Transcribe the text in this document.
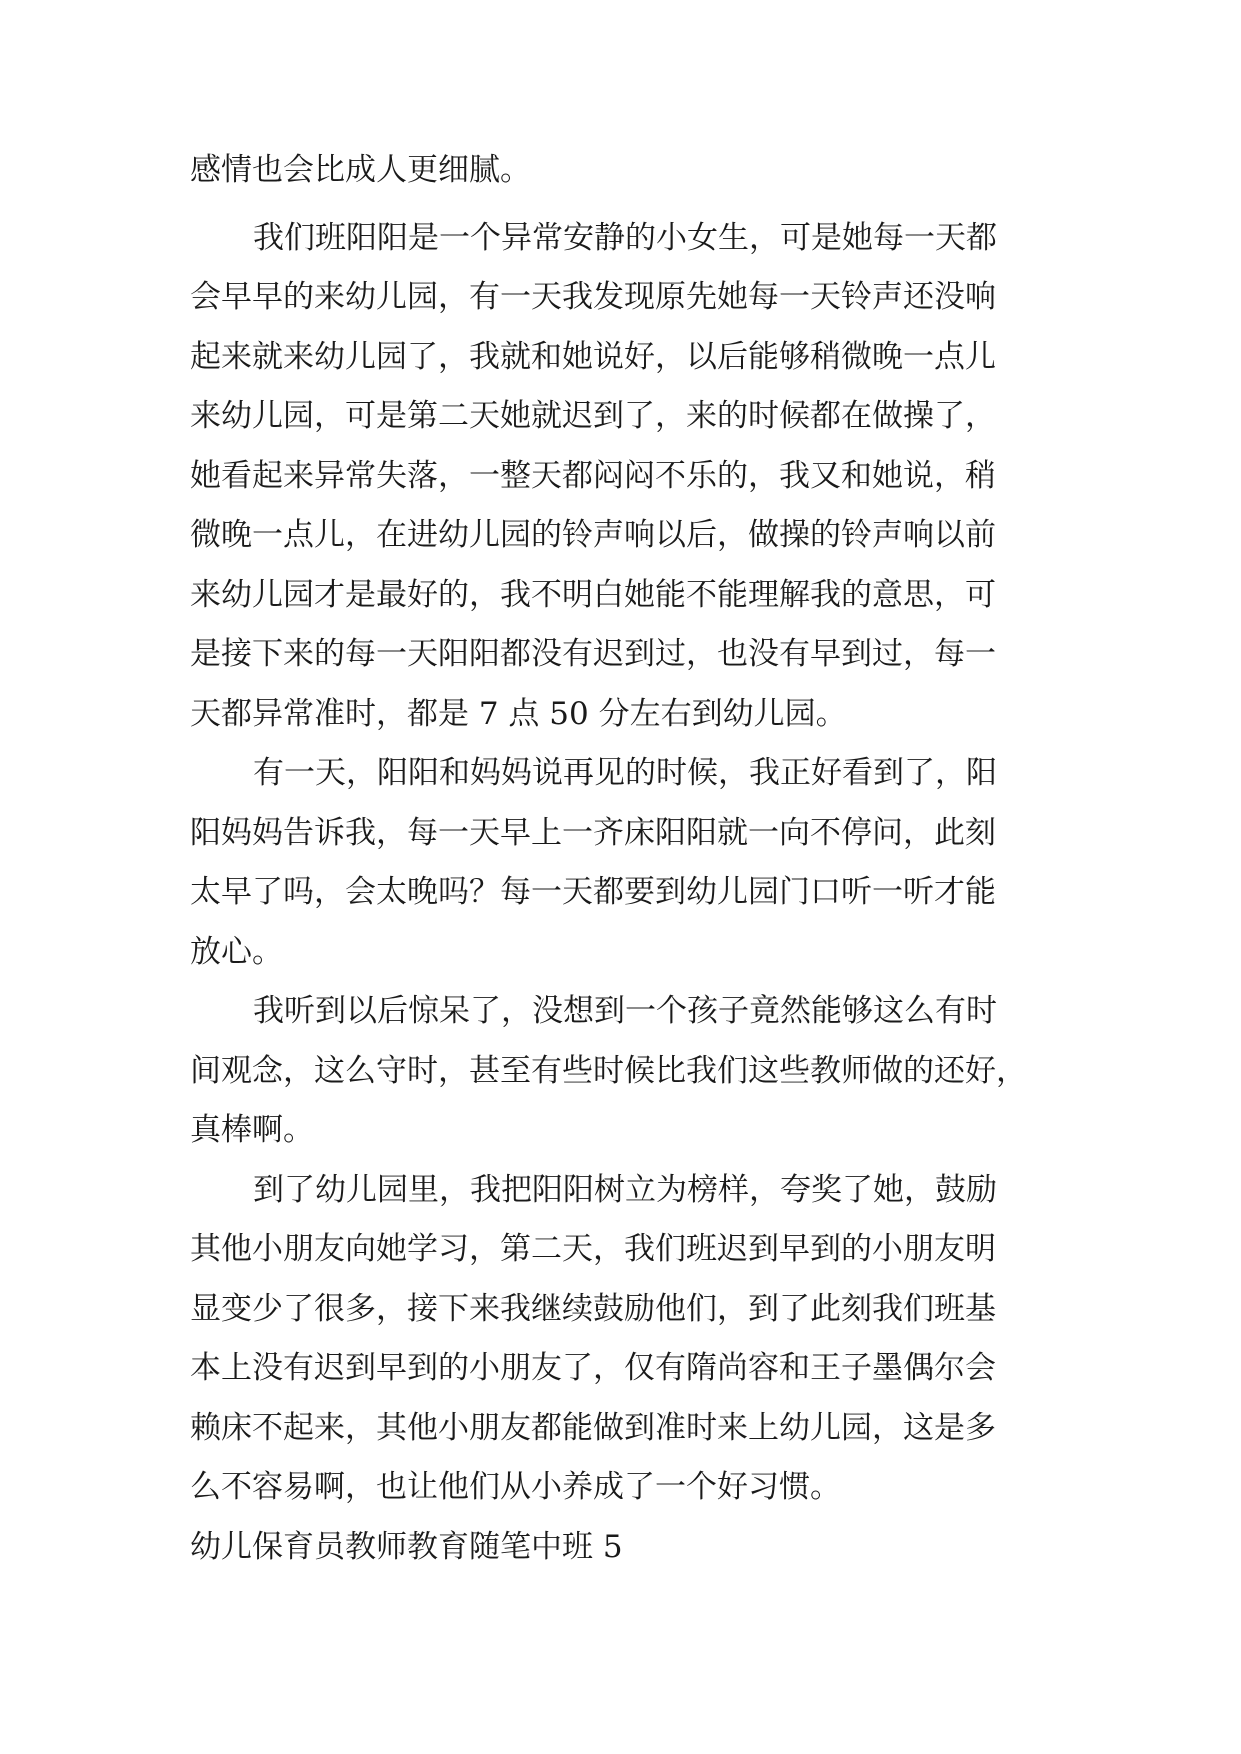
感情也会比成人更细腻。
我们班阳阳是一个异常安静的小女生，可是她每一天都
会早早的来幼儿园，有一天我发现原先她每一天铃声还没响
起来就来幼儿园了，我就和她说好，以后能够稍微晚一点儿
来幼儿园，可是第二天她就迟到了，来的时候都在做操了，
她看起来异常失落，一整天都闷闷不乐的，我又和她说，稍
微晚一点儿，在进幼儿园的铃声响以后，做操的铃声响以前
来幼儿园才是最好的，我不明白她能不能理解我的意思，可
是接下来的每一天阳阳都没有迟到过，也没有早到过，每一
天都异常准时，都是 7 点 50 分左右到幼儿园。
有一天，阳阳和妈妈说再见的时候，我正好看到了，阳
阳妈妈告诉我，每一天早上一齐床阳阳就一向不停问，此刻
太早了吗，会太晚吗？每一天都要到幼儿园门口听一听才能
放心。
我听到以后惊呆了，没想到一个孩子竟然能够这么有时
间观念，这么守时，甚至有些时候比我们这些教师做的还好，
真棒啊。
到了幼儿园里，我把阳阳树立为榜样，夸奖了她，鼓励
其他小朋友向她学习，第二天，我们班迟到早到的小朋友明
显变少了很多，接下来我继续鼓励他们，到了此刻我们班基
本上没有迟到早到的小朋友了，仅有隋尚容和王子墨偶尔会
赖床不起来，其他小朋友都能做到准时来上幼儿园，这是多
么不容易啊，也让他们从小养成了一个好习惯。
幼儿保育员教师教育随笔中班 5
